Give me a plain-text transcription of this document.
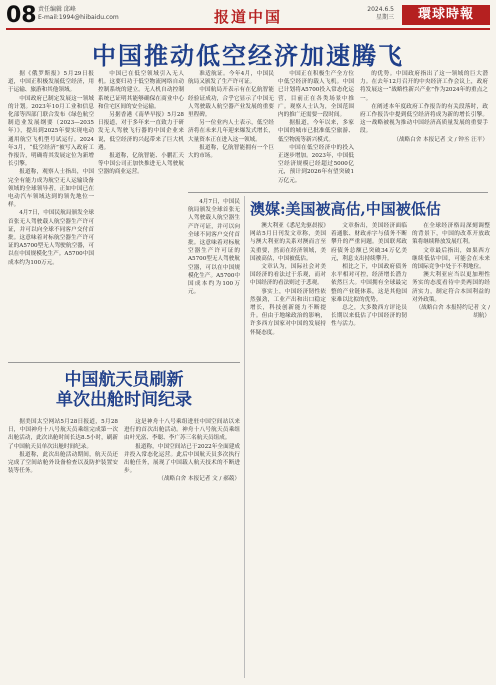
08 责任编辑 邱峰
E-mail:1994@hiibaidu.com	报道中国	2024.6.5
星期三	環球時報
中国推动低空经济加速腾飞

据《俄罗斯报》5月29日报道，中国正积极发展低空经济，用于运输、旅游和其他领域。

中国政府已制定发展这一领域的计划。2023年10月工业和信息化部等四部门联合发布《绿色航空制造业发展纲要（2023—2035年）》，提出到2025年要实现电动通用航空飞机型号试运行。2024年3月，“低空经济”被写入政府工作报告，明确将其发展定位为新增长引擎。

报道称，观察人士指出，中国完全有能力成为航空无人运输设备领域的全球领导者，正如中国已在电动汽车领域达到的领先地位一样。

4月7日，中国民航局颁发全球首张无人驾驶载人航空器生产许可证，并可以向全球不同客户交付首批。这意味着对标航空器生产许可证的A5700型无人驾驶航空器，可以在中国规模化生产。A5700中国成本约为100万元。

中国已在低空领域引入无人机。这要归功于低空物流网络自动控制系统的建立。无人机自动控制系统已证明其能够确保在商业中心和住宅区间的安全运输。

另据香港《南华早报》5月28日报道，对于多年来一直致力于研发无人驾驶飞行器的中国企业来说，低空经济的兴起带来了巨大机遇。

报道称，亿航智能、小鹏汇天等中国公司正加快推进无人驾驶航空器的商业运营。

准适航证。今年4月，中国民航局又颁发了生产许可证。

中国航局开表示有在亿航智能经验证成功，合乎它显示了中国无人驾驶载人航空器产业发展的重要里程碑。

另一位业内人士表示，低空经济将在未来几年迎来爆发式增长，大量资本正在进入这一领域。

报道称，亿航智能拥有一个巨大的市场。

中国正在积极生产全方位中低空经济的载人飞机。中国已计划将A5700投入常态化运营，目前正在各类场景中推广。观察人士认为，全国范围内的推广还需要一段时间。

据报道，今年以来，多家中国的城市已批准低空旅游、低空物流等新兴模式。

中国在低空经济中的投入正逐步增加。2023年，中国低空经济规模已经超过5000亿元，预计到2026年有望突破1万亿元。

的优势。中国政府指出了这一领域的巨大潜力。在去年12月召开的中央经济工作会议上，政府将发展这一“战略性新兴产业”作为2024年的重点之一。

在阐述本年度政府工作报告的有关段落时，政府工作报告中提到低空经济将成为新的增长引擎。这一战略被视为推动中国经济高质量发展的重要手段。

（战略白舍 本报记者 文 / 钟丞 汪平）
澳媒:美国被高估,中国被低估

澳大利亚《悉尼先驱晨报》网站5月日刊发文章称，美国与澳大利亚的关系对澳而言至关重要，然而在经济领域，美国被高估，中国被低估。

文章认为，国际社会对美国经济的看法过于乐观，而对中国经济的看法则过于悲观。

事实上，中国经济韧性依然强劲，工业产出和出口稳定增长，科技创新能力不断提升。但由于地缘政治的影响，许多西方国家对中国的发展持怀疑态度。

文章指出，美国经济面临着通胀、财政赤字与债务不断攀升的严重问题。美国联邦政府债务总额已突破34万亿美元，利息支出持续攀升。

相比之下，中国政府债务水平相对可控，经济增长潜力依然巨大。中国拥有全球最完整的产业链体系，这是其他国家难以比拟的优势。

总之，大多数西方评论员长期以来低估了中国经济的韧性与活力。

在全球经济格局深刻调整的背景下，中国的改革开放政策将继续释放发展红利。

文章最后指出，如果西方继续低估中国，可能会在未来的国际竞争中处于不利地位。

澳大利亚应当以更加理性务实的态度看待中美两国的经济实力，制定符合本国利益的对外政策。

（战略白舍 本报特约记者 文 / 胡航）

4月7日，中国民航局颁发全球首张无人驾驶载人航空器生产许可证，并可以向全球不同客户交付首批。这意味着对标航空器生产许可证的A5700型无人驾驶航空器，可以在中国规模化生产。A5700中国成本约为100万元。

中国航天员刷新
单次出舱时间纪录

据美国太空网站5月28日报道，5月28日，中国神舟十八号航天员乘组完成第一次出舱活动，此次出舱时间长达8.5小时，刷新了中国航天员单次出舱时间纪录。

报道称，此次出舱活动期间，航天员还完成了空间站舱外设备检查以及防护装置安装等任务。

这是神舟十八号乘组进驻中国空间站以来进行的首次出舱活动。神舟十八号航天员乘组由叶光富、李聪、李广苏三名航天员组成。

报道称，中国空间站已于2022年全面建成并投入常态化运营。此后中国航天员多次执行出舱任务，展现了中国载人航天技术的不断进步。

（战略白舍 本报记者 文 / 郝兢）
